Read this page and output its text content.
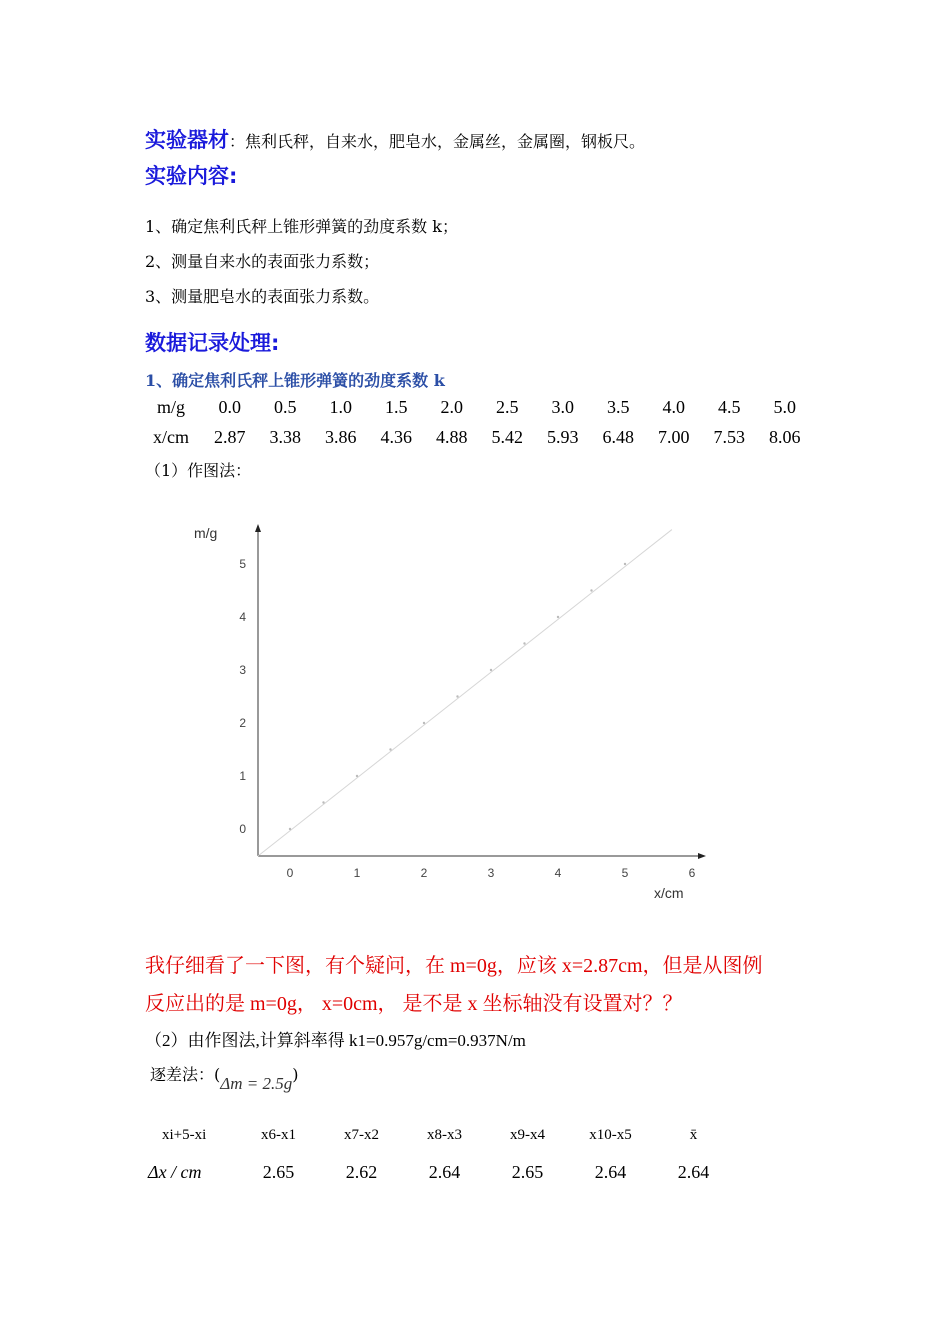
实验器材：焦利氏秤，自来水，肥皂水，金属丝，金属圈，钢板尺。
实验内容:
1、确定焦利氏秤上锥形弹簧的劲度系数 k；
2、测量自来水的表面张力系数；
3、测量肥皂水的表面张力系数。
数据记录处理:
1、确定焦利氏秤上锥形弹簧的劲度系数 k
m/g	0.0	0.5	1.0	1.5	2.0	2.5	3.0	3.5	4.0	4.5	5.0
x/cm	2.87	3.38	3.86	4.36	4.88	5.42	5.93	6.48	7.00	7.53	8.06
（1）作图法：
0	1	2	3	4	5	6
0
1
2
3
4
5
m/g
x/cm
我仔细看了一下图，有个疑问，在 m=0g，应该 x=2.87cm，但是从图例
反应出的是 m=0g， x=0cm， 是不是 x 坐标轴没有设置对？？
（2）由作图法,计算斜率得 k1=0.957g/cm=0.937N/m
逐差法：(Δm = 2.5g)
xi+5-xi	x6-x1	x7-x2	x8-x3	x9-x4	x10-x5	x̄
Δx / cm	2.65	2.62	2.64	2.65	2.64	2.64
